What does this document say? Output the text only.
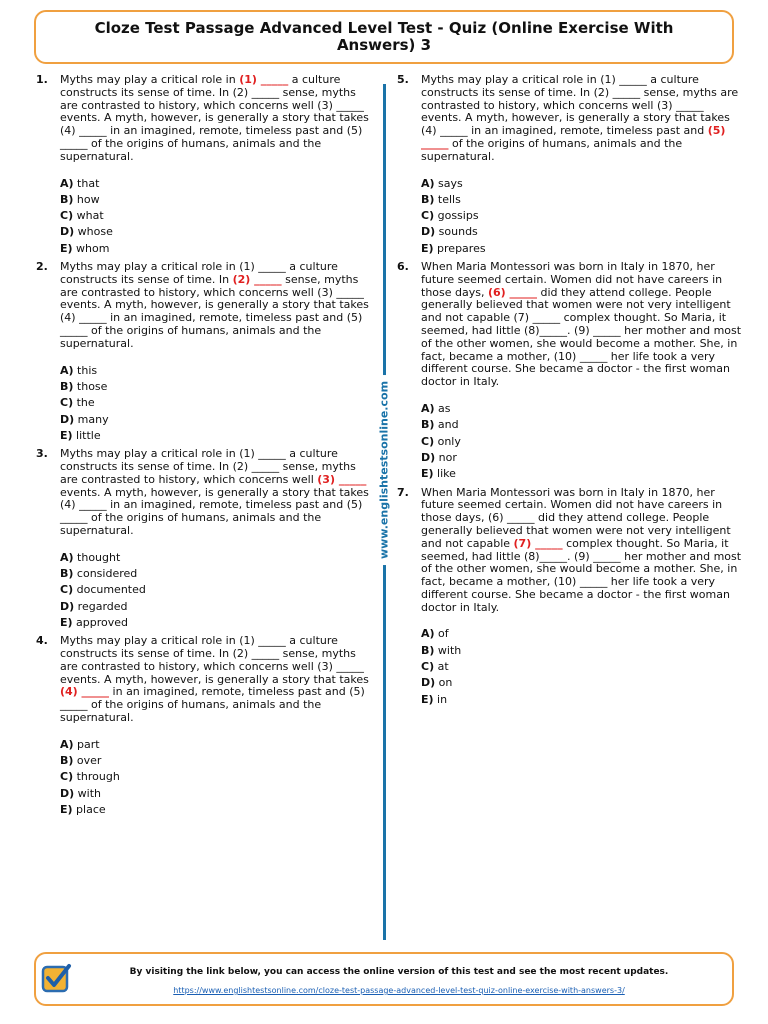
Cloze Test Passage Advanced Level Test - Quiz (Online Exercise With Answers) 3
1.	Myths may play a critical role in (1) _____ a culture constructs its sense of time. In (2) _____ sense, myths are contrasted to history, which concerns well (3) _____ events. A myth, however, is generally a story that takes (4) _____ in an imagined, remote, timeless past and (5) _____ of the origins of humans, animals and the supernatural.

A) that
B) how
C) what
D) whose
E) whom
2.	Myths may play a critical role in (1) _____ a culture constructs its sense of time. In (2) _____ sense, myths are contrasted to history, which concerns well (3) _____ events. A myth, however, is generally a story that takes (4) _____ in an imagined, remote, timeless past and (5) _____ of the origins of humans, animals and the supernatural.

A) this
B) those
C) the
D) many
E) little
3.	Myths may play a critical role in (1) _____ a culture constructs its sense of time. In (2) _____ sense, myths are contrasted to history, which concerns well (3) _____ events. A myth, however, is generally a story that takes (4) _____ in an imagined, remote, timeless past and (5) _____ of the origins of humans, animals and the supernatural.

A) thought
B) considered
C) documented
D) regarded
E) approved
4.	Myths may play a critical role in (1) _____ a culture constructs its sense of time. In (2) _____ sense, myths are contrasted to history, which concerns well (3) _____ events. A myth, however, is generally a story that takes (4) _____ in an imagined, remote, timeless past and (5) _____ of the origins of humans, animals and the supernatural.

A) part
B) over
C) through
D) with
E) place
www.englishtestsonline.com
5.	Myths may play a critical role in (1) _____ a culture constructs its sense of time. In (2) _____ sense, myths are contrasted to history, which concerns well (3) _____ events. A myth, however, is generally a story that takes (4) _____ in an imagined, remote, timeless past and (5) _____ of the origins of humans, animals and the supernatural.

A) says
B) tells
C) gossips
D) sounds
E) prepares
6.	When Maria Montessori was born in Italy in 1870, her future seemed certain. Women did not have careers in those days, (6) _____ did they attend college. People generally believed that women were not very intelligent and not capable (7) _____ complex thought. So Maria, it seemed, had little (8)_____. (9) _____ her mother and most of the other women, she would become a mother. She, in fact, became a mother, (10) _____ her life took a very different course. She became a doctor - the first woman doctor in Italy.

A) as
B) and
C) only
D) nor
E) like
7.	When Maria Montessori was born in Italy in 1870, her future seemed certain. Women did not have careers in those days, (6) _____ did they attend college. People generally believed that women were not very intelligent and not capable (7) _____ complex thought. So Maria, it seemed, had little (8)_____. (9) _____ her mother and most of the other women, she would become a mother. She, in fact, became a mother, (10) _____ her life took a very different course. She became a doctor - the first woman doctor in Italy.

A) of
B) with
C) at
D) on
E) in
By visiting the link below, you can access the online version of this test and see the most recent updates.
https://www.englishtestsonline.com/cloze-test-passage-advanced-level-test-quiz-online-exercise-with-answers-3/
